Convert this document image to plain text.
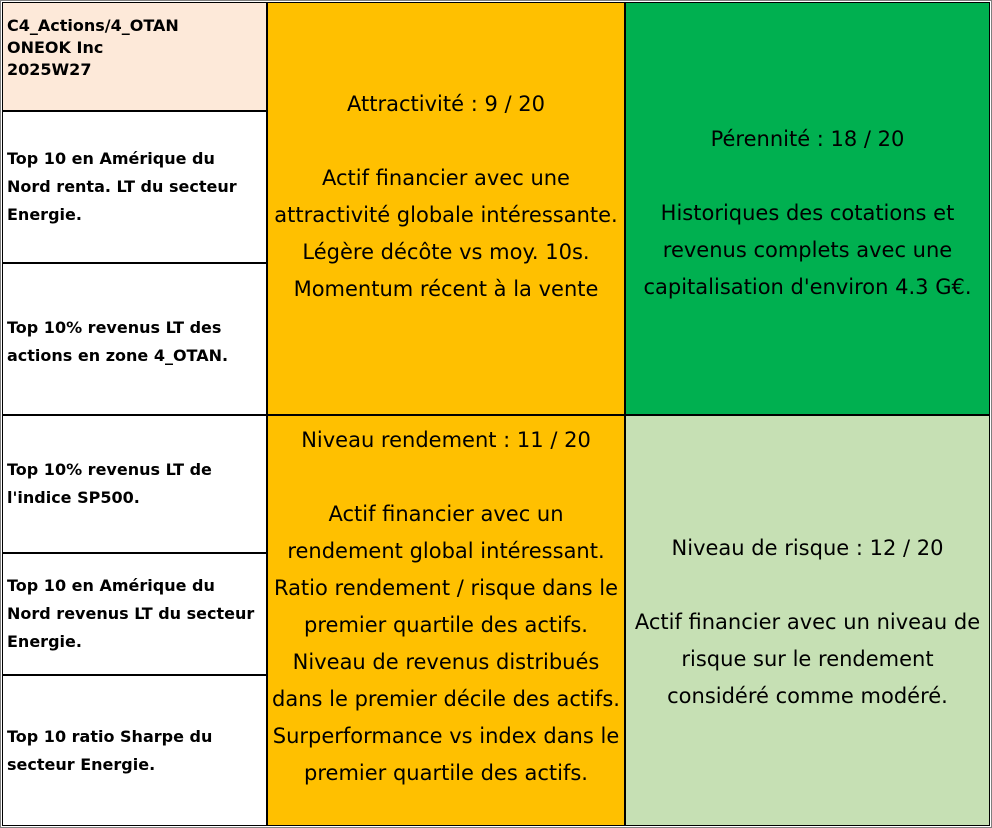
C4_Actions/4_OTAN
ONEOK Inc
2025W27
Top 10 en Amérique du Nord renta. LT du secteur Energie.
Top 10% revenus LT des actions en zone 4_OTAN.
Top 10% revenus LT de l'indice SP500.
Top 10 en Amérique du Nord revenus LT du secteur Energie.
Top 10 ratio Sharpe du secteur Energie.
Attractivité : 9 / 20
Actif financier avec une attractivité globale intéressante. Légère décôte vs moy. 10s. Momentum récent à la vente
Pérennité : 18 / 20
Historiques des cotations et revenus complets avec une capitalisation d'environ 4.3 G€.
Niveau rendement : 11 / 20
Actif financier avec un rendement global intéressant. Ratio rendement / risque dans le premier quartile des actifs. Niveau de revenus distribués dans le premier décile des actifs. Surperformance vs index dans le premier quartile des actifs.
Niveau de risque : 12 / 20
Actif financier avec un niveau de risque sur le rendement considéré comme modéré.
